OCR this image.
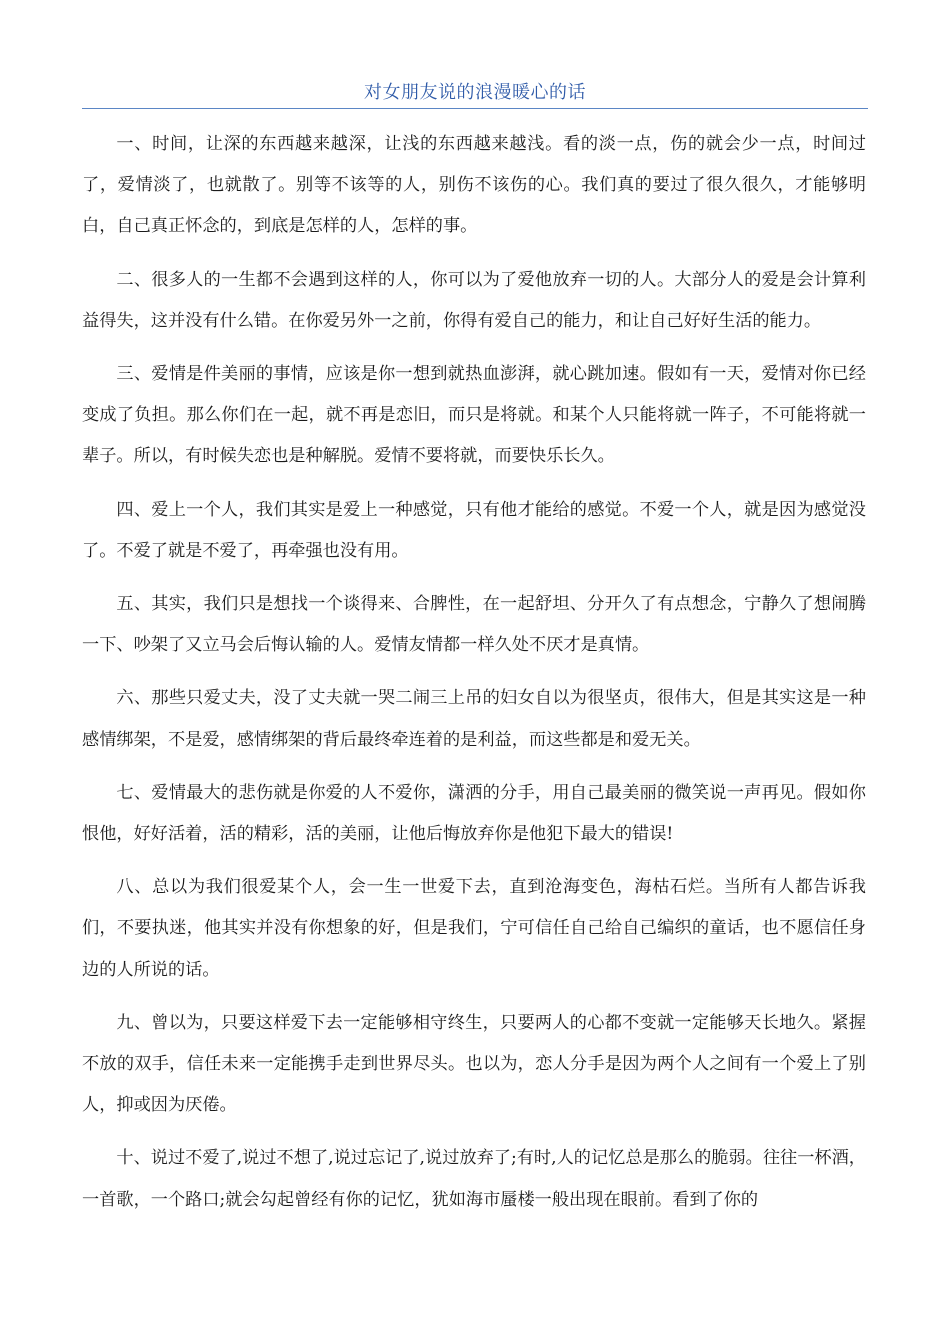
对女朋友说的浪漫暖心的话

一、时间，让深的东西越来越深，让浅的东西越来越浅。看的淡一点，伤的就会少一点，时间过了，爱情淡了，也就散了。别等不该等的人，别伤不该伤的心。我们真的要过了很久很久，才能够明白，自己真正怀念的，到底是怎样的人，怎样的事。

二、很多人的一生都不会遇到这样的人，你可以为了爱他放弃一切的人。大部分人的爱是会计算利益得失，这并没有什么错。在你爱另外一之前，你得有爱自己的能力，和让自己好好生活的能力。

三、爱情是件美丽的事情，应该是你一想到就热血澎湃，就心跳加速。假如有一天，爱情对你已经变成了负担。那么你们在一起，就不再是恋旧，而只是将就。和某个人只能将就一阵子，不可能将就一辈子。所以，有时候失恋也是种解脱。爱情不要将就，而要快乐长久。

四、爱上一个人，我们其实是爱上一种感觉，只有他才能给的感觉。不爱一个人，就是因为感觉没了。不爱了就是不爱了，再牵强也没有用。

五、其实，我们只是想找一个谈得来、合脾性，在一起舒坦、分开久了有点想念，宁静久了想闹腾一下、吵架了又立马会后悔认输的人。爱情友情都一样久处不厌才是真情。

六、那些只爱丈夫，没了丈夫就一哭二闹三上吊的妇女自以为很坚贞，很伟大，但是其实这是一种感情绑架，不是爱，感情绑架的背后最终牵连着的是利益，而这些都是和爱无关。

七、爱情最大的悲伤就是你爱的人不爱你，潇洒的分手，用自己最美丽的微笑说一声再见。假如你恨他，好好活着，活的精彩，活的美丽，让他后悔放弃你是他犯下最大的错误!

八、总以为我们很爱某个人，会一生一世爱下去，直到沧海变色，海枯石烂。当所有人都告诉我们，不要执迷，他其实并没有你想象的好，但是我们，宁可信任自己给自己编织的童话，也不愿信任身边的人所说的话。

九、曾以为，只要这样爱下去一定能够相守终生，只要两人的心都不变就一定能够天长地久。紧握不放的双手，信任未来一定能携手走到世界尽头。也以为，恋人分手是因为两个人之间有一个爱上了别人，抑或因为厌倦。

十、说过不爱了,说过不想了,说过忘记了,说过放弃了;有时,人的记忆总是那么的脆弱。往往一杯酒，一首歌，一个路口;就会勾起曾经有你的记忆，犹如海市蜃楼一般出现在眼前。看到了你的
